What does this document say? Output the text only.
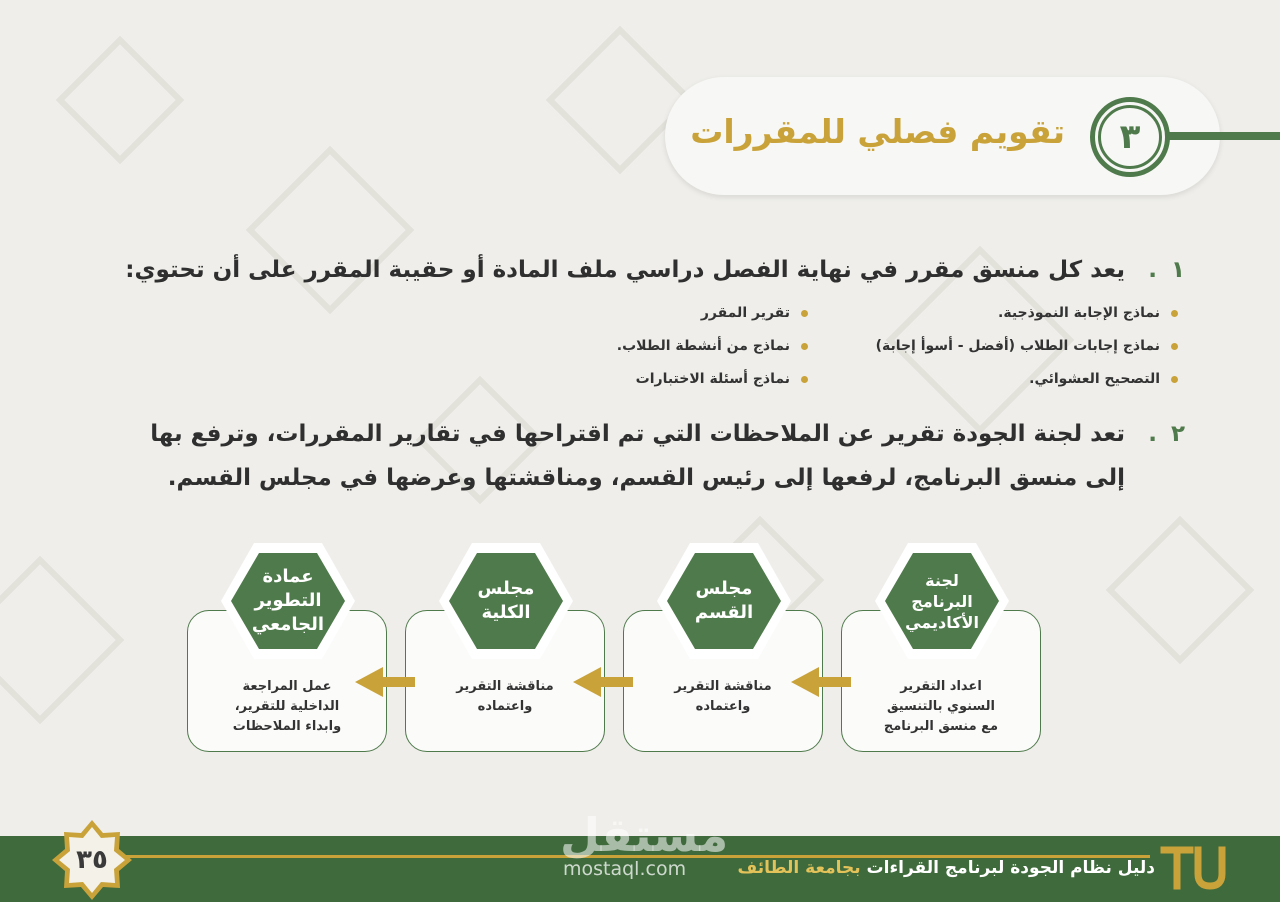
٣
تقويم فصلي للمقررات
١
.
يعد كل منسق مقرر في نهاية الفصل دراسي ملف المادة أو حقيبة المقرر على أن تحتوي:
نماذج الإجابة النموذجية.
نماذج إجابات الطلاب (أفضل - أسوأ إجابة)
التصحيح العشوائي.
تقرير المقرر
نماذج من أنشطة الطلاب.
نماذج أسئلة الاختبارات
٢
.
تعد لجنة الجودة تقرير عن الملاحظات التي تم اقتراحها في تقارير المقررات، وترفع بها
إلى منسق البرنامج، لرفعها إلى رئيس القسم، ومناقشتها وعرضها في مجلس القسم.
اعداد التقرير
السنوي بالتنسيق
مع منسق البرنامج
لجنة
البرنامج
الأكاديمي
مناقشة التقرير
واعتماده
مجلس
القسم
مناقشة التقرير
واعتماده
مجلس
الكلية
عمل المراجعة
الداخلية للتقرير،
وابداء الملاحظات
عمادة
التطوير
الجامعي
مستقل
mostaql.com	دليل نظام الجودة لبرنامج القراءات بجامعة الطائف
٣٥
